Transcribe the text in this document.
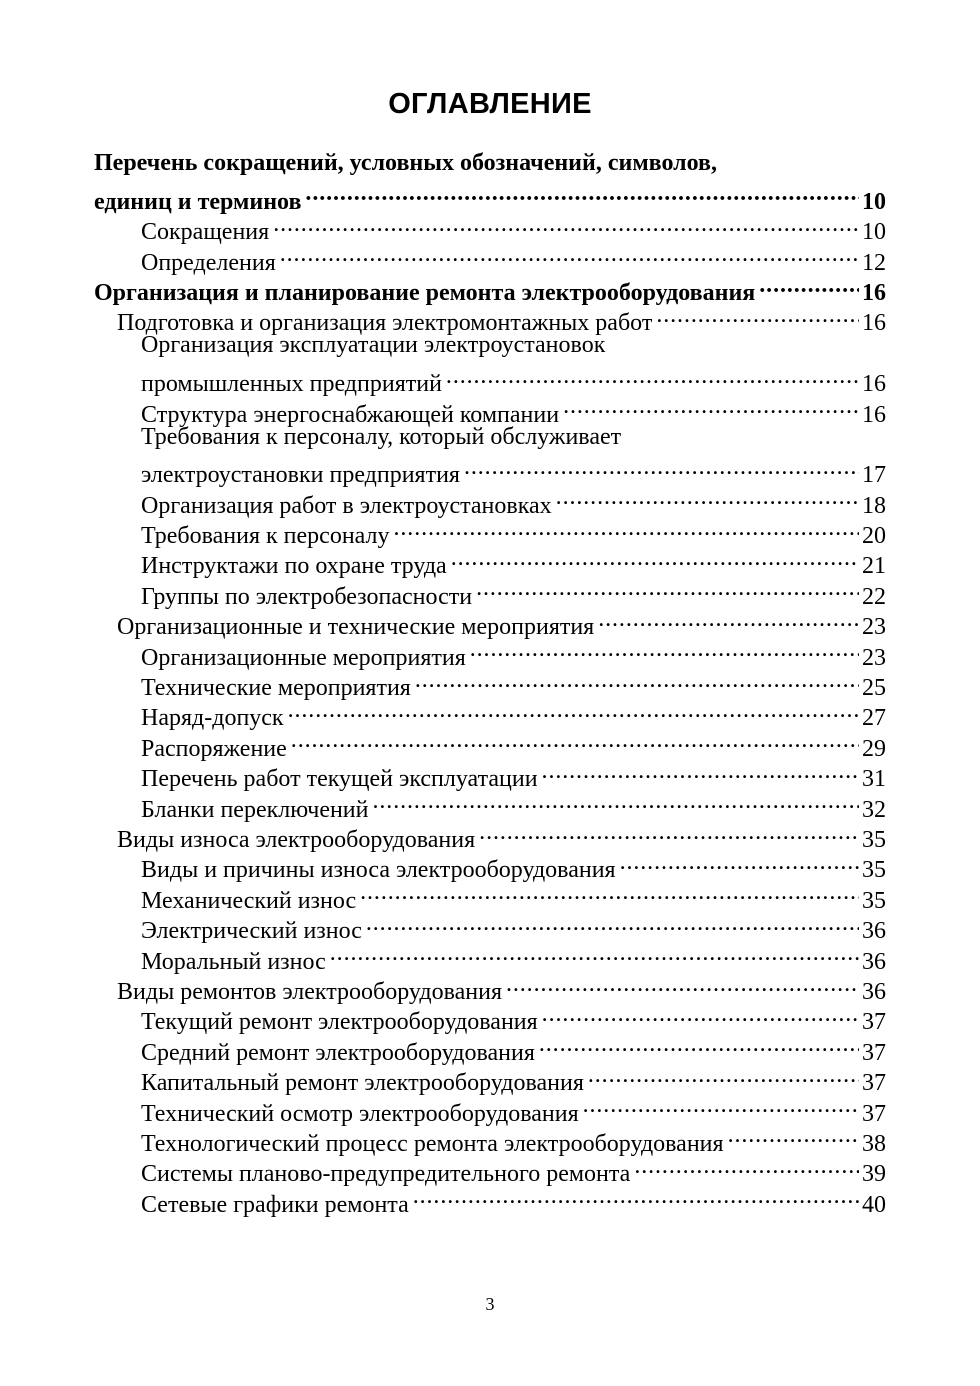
ОГЛАВЛЕНИЕ
Перечень сокращений, условных обозначений, символов,
единиц и терминов .....	10
Сокращения .....	10
Определения .....	12
Организация и планирование ремонта электрооборудования .....	16
Подготовка и организация электромонтажных работ .....	16
Организация эксплуатации электроустановок
промышленных предприятий .....	16
Структура энергоснабжающей компании .....	16
Требования к персоналу, который обслуживает
электроустановки предприятия .....	17
Организация работ в электроустановках .....	18
Требования к персоналу .....	20
Инструктажи по охране труда .....	21
Группы по электробезопасности .....	22
Организационные и технические мероприятия .....	23
Организационные мероприятия .....	23
Технические мероприятия .....	25
Наряд-допуск .....	27
Распоряжение .....	29
Перечень работ текущей эксплуатации .....	31
Бланки переключений .....	32
Виды износа электрооборудования .....	35
Виды и причины износа электрооборудования .....	35
Механический износ .....	35
Электрический износ .....	36
Моральный износ .....	36
Виды ремонтов электрооборудования .....	36
Текущий ремонт электрооборудования .....	37
Средний ремонт электрооборудования .....	37
Капитальный ремонт электрооборудования .....	37
Технический осмотр электрооборудования .....	37
Технологический процесс ремонта электрооборудования .....	38
Системы планово-предупредительного ремонта .....	39
Сетевые графики ремонта .....	40
3
